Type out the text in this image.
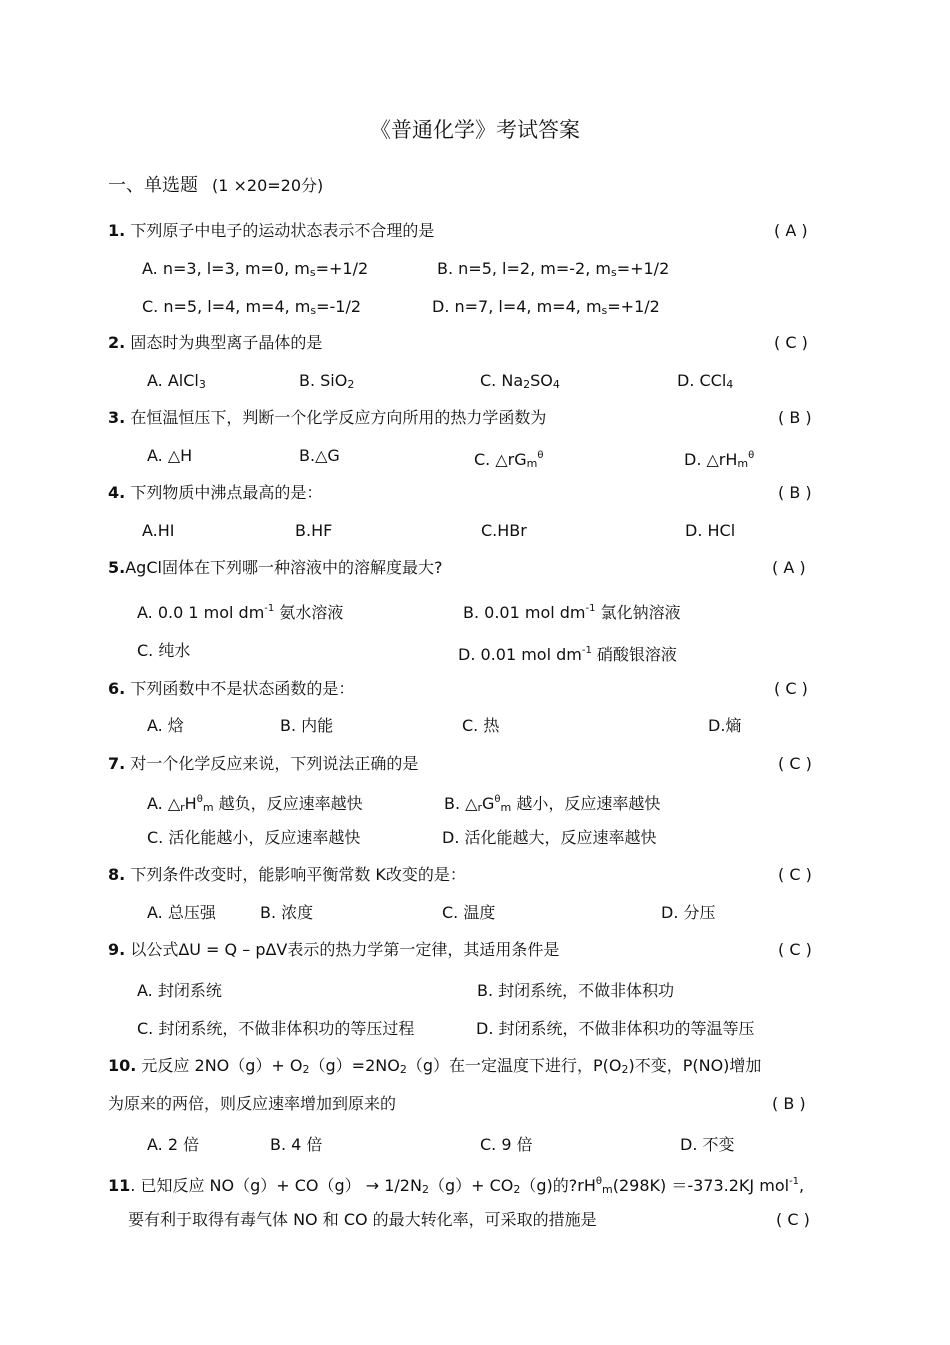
《普通化学》考试答案
一、单选题 (1 ×20=20分)
1. 下列原子中电子的运动状态表示不合理的是	( A )
A. n=3, l=3, m=0, ms=+1/2	B. n=5, l=2, m=-2, ms=+1/2
C. n=5, l=4, m=4, ms=-1/2	D. n=7, l=4, m=4, ms=+1/2
2. 固态时为典型离子晶体的是	( C )
A. AlCl3	B. SiO2	C. Na2SO4	D. CCl4
3. 在恒温恒压下，判断一个化学反应方向所用的热力学函数为	( B )
A. △H	B.△G	C. △rGm$^\theta$	D. △rHm$^\theta$
4. 下列物质中沸点最高的是：	( B )
A.HI	B.HF	C.HBr	D. HCl
5.AgCl固体在下列哪一种溶液中的溶解度最大?	( A )
A. 0.0 1 mol $dm^{-1}$ 氨水溶液	B. 0.01 mol $dm^{-1}$ 氯化钠溶液
C. 纯水	D. 0.01 mol $dm^{-1}$ 硝酸银溶液
6. 下列函数中不是状态函数的是：	( C )
A. 焓	B. 内能	C. 热	D.熵
7. 对一个化学反应来说，下列说法正确的是	( C )
A. $\triangle rH^\theta m$ 越负，反应速率越快	B. $\triangle rG^\theta m$ 越小，反应速率越快
C. 活化能越小，反应速率越快	D. 活化能越大，反应速率越快
8. 下列条件改变时，能影响平衡常数 K改变的是：	( C )
A. 总压强	B. 浓度	C. 温度	D. 分压
9. 以公式ΔU = Q – pΔV表示的热力学第一定律，其适用条件是	( C )
A. 封闭系统	B. 封闭系统，不做非体积功
C. 封闭系统，不做非体积功的等压过程	D. 封闭系统，不做非体积功的等温等压
10. 元反应 2NO（g）+ O2（g）=2NO2（g）在一定温度下进行，P(O2)不变，P(NO)增加
为原来的两倍，则反应速率增加到原来的	( B )
A. 2 倍	B. 4 倍	C. 9 倍	D. 不变
11. 已知反应 NO（g）+ CO（g） → 1/2N2（g）+ CO2（g)的$?rH^\theta m(298K) =-373.2KJ$ mol$^{-1}$,
要有利于取得有毒气体 NO 和 CO 的最大转化率，可采取的措施是	( C )
